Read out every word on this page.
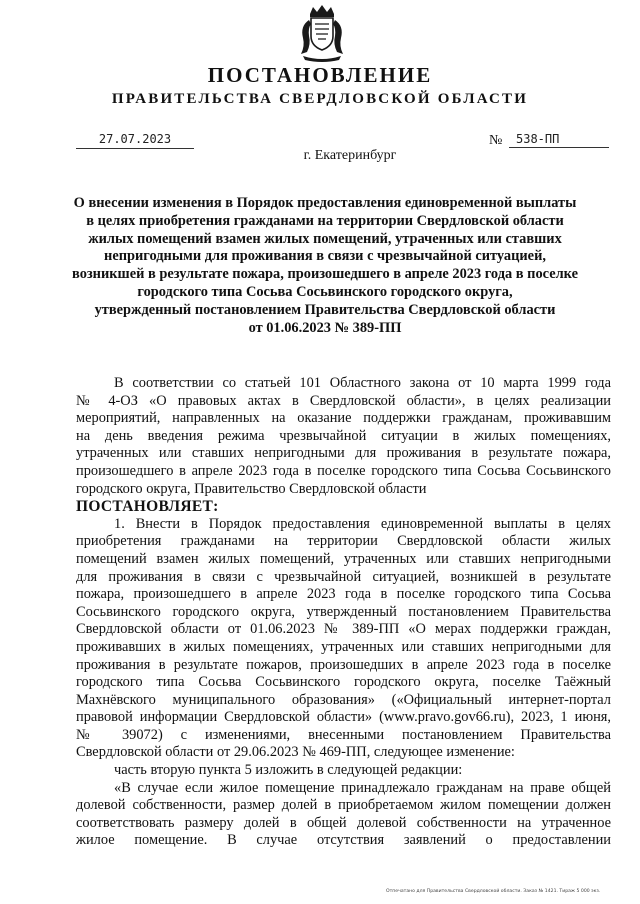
ПОСТАНОВЛЕНИЕ
ПРАВИТЕЛЬСТВА СВЕРДЛОВСКОЙ ОБЛАСТИ
27.07.2023	№	538-ПП
г. Екатеринбург
О внесении изменения в Порядок предоставления единовременной выплаты
в целях приобретения гражданами на территории Свердловской области
жилых помещений взамен жилых помещений, утраченных или ставших
непригодными для проживания в связи с чрезвычайной ситуацией,
возникшей в результате пожара, произошедшего в апреле 2023 года в поселке
городского типа Сосьва Сосьвинского городского округа,
утвержденный постановлением Правительства Свердловской области
от 01.06.2023 № 389-ПП
В соответствии со статьей 101 Областного закона от 10 марта 1999 года
№ 4-ОЗ «О правовых актах в Свердловской области», в целях реализации
мероприятий, направленных на оказание поддержки гражданам, проживавшим
на день введения режима чрезвычайной ситуации в жилых помещениях,
утраченных или ставших непригодными для проживания в результате пожара,
произошедшего в апреле 2023 года в поселке городского типа Сосьва Сосьвинского
городского округа, Правительство Свердловской области
ПОСТАНОВЛЯЕТ:
1. Внести в Порядок предоставления единовременной выплаты в целях
приобретения гражданами на территории Свердловской области жилых
помещений взамен жилых помещений, утраченных или ставших непригодными
для проживания в связи с чрезвычайной ситуацией, возникшей в результате
пожара, произошедшего в апреле 2023 года в поселке городского типа Сосьва
Сосьвинского городского округа, утвержденный постановлением Правительства
Свердловской области от 01.06.2023 № 389-ПП «О мерах поддержки граждан,
проживавших в жилых помещениях, утраченных или ставших непригодными для
проживания в результате пожаров, произошедших в апреле 2023 года в поселке
городского типа Сосьва Сосьвинского городского округа, поселке Таёжный
Махнёвского муниципального образования» («Официальный интернет-портал
правовой информации Свердловской области» (www.pravo.gov66.ru), 2023, 1 июня,
№ 39072) с изменениями, внесенными постановлением Правительства
Свердловской области от 29.06.2023 № 469-ПП, следующее изменение:
часть вторую пункта 5 изложить в следующей редакции:
«В случае если жилое помещение принадлежало гражданам на праве общей
долевой собственности, размер долей в приобретаемом жилом помещении должен
соответствовать размеру долей в общей долевой собственности на утраченное
жилое помещение. В случае отсутствия заявлений о предоставлении
Отпечатано для Правительства Свердловской области. Заказ № 1421. Тираж 5 000 экз.
